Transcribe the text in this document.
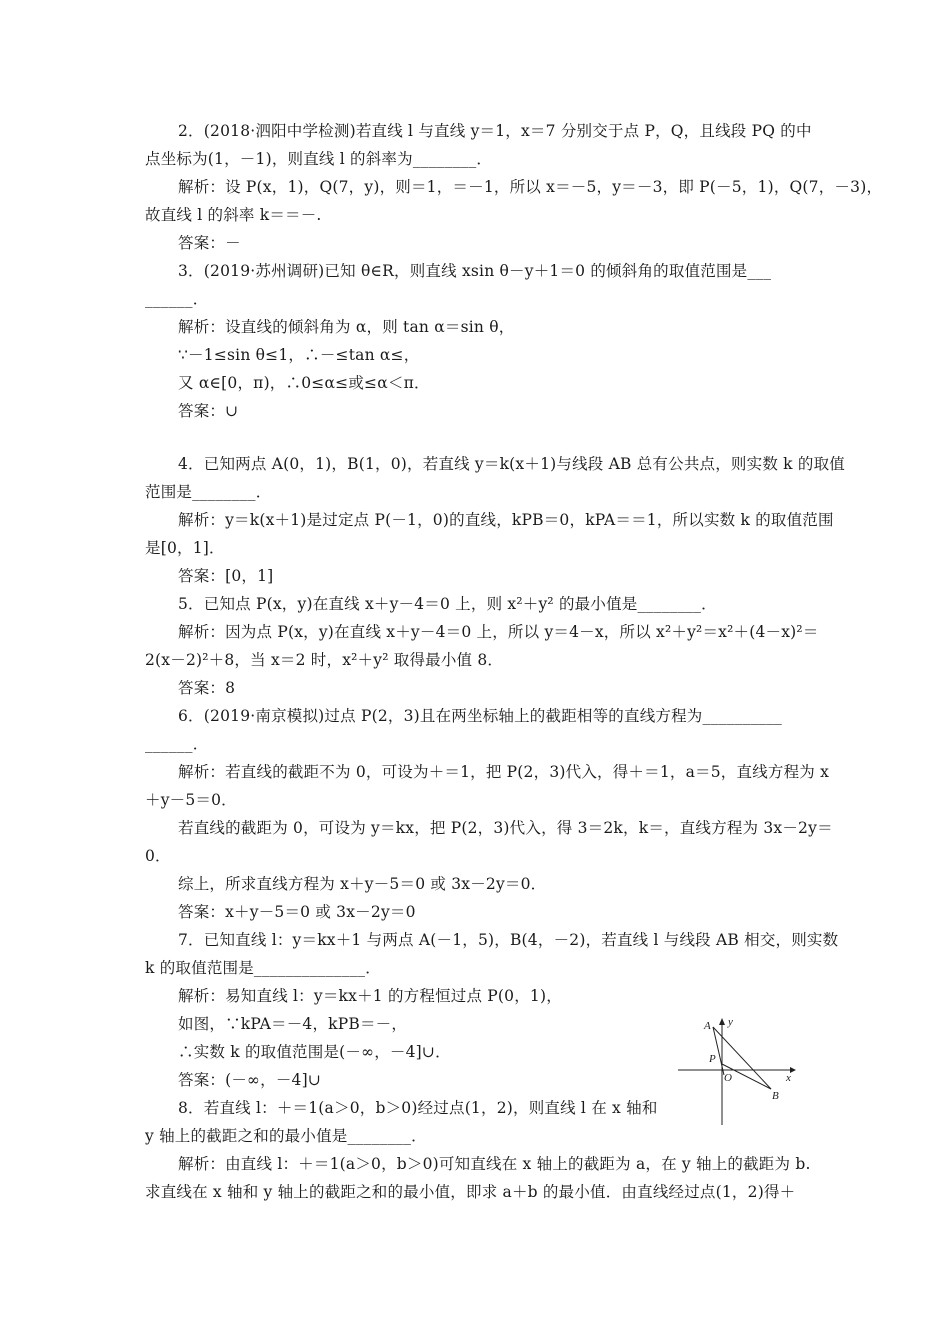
2．(2018·泗阳中学检测)若直线 l 与直线 y＝1，x＝7 分别交于点 P，Q，且线段 PQ 的中
点坐标为(1，－1)，则直线 l 的斜率为________．
解析：设 P(x，1)，Q(7，y)，则＝1，＝－1，所以 x＝－5，y＝－3，即 P(－5，1)，Q(7，－3)，
故直线 l 的斜率 k＝＝－.
答案：－
3．(2019·苏州调研)已知 θ∈R，则直线 xsin θ－y＋1＝0 的倾斜角的取值范围是___
______．
解析：设直线的倾斜角为 α，则 tan α＝sin θ，
∵－1≤sin θ≤1，∴－≤tan α≤，
又 α∈[0，π)，∴0≤α≤或≤α＜π．
答案：∪
4．已知两点 A(0，1)，B(1，0)，若直线 y＝k(x＋1)与线段 AB 总有公共点，则实数 k 的取值
范围是________．
解析：y＝k(x＋1)是过定点 P(－1，0)的直线，kPB＝0，kPA＝＝1，所以实数 k 的取值范围
是[0，1]．
答案：[0，1]
5．已知点 P(x，y)在直线 x＋y－4＝0 上，则 x²＋y² 的最小值是________．
解析：因为点 P(x，y)在直线 x＋y－4＝0 上，所以 y＝4－x，所以 x²＋y²＝x²＋(4－x)²＝
2(x－2)²＋8，当 x＝2 时，x²＋y² 取得最小值 8．
答案：8
6．(2019·南京模拟)过点 P(2，3)且在两坐标轴上的截距相等的直线方程为__________
______．
解析：若直线的截距不为 0，可设为＋＝1，把 P(2，3)代入，得＋＝1，a＝5，直线方程为 x
＋y－5＝0．
若直线的截距为 0，可设为 y＝kx，把 P(2，3)代入，得 3＝2k，k＝，直线方程为 3x－2y＝
0．
综上，所求直线方程为 x＋y－5＝0 或 3x－2y＝0．
答案：x＋y－5＝0 或 3x－2y＝0
7．已知直线 l：y＝kx＋1 与两点 A(－1，5)，B(4，－2)，若直线 l 与线段 AB 相交，则实数
k 的取值范围是______________．
解析：易知直线 l：y＝kx＋1 的方程恒过点 P(0，1)，
如图，∵kPA＝－4，kPB＝－，
∴实数 k 的取值范围是(－∞，－4]∪．
答案：(－∞，－4]∪
8．若直线 l：＋＝1(a＞0，b＞0)经过点(1，2)，则直线 l 在 x 轴和
y 轴上的截距之和的最小值是________．
解析：由直线 l：＋＝1(a＞0，b＞0)可知直线在 x 轴上的截距为 a，在 y 轴上的截距为 b.
求直线在 x 轴和 y 轴上的截距之和的最小值，即求 a＋b 的最小值．由直线经过点(1，2)得＋
A y
P
O	x
B
